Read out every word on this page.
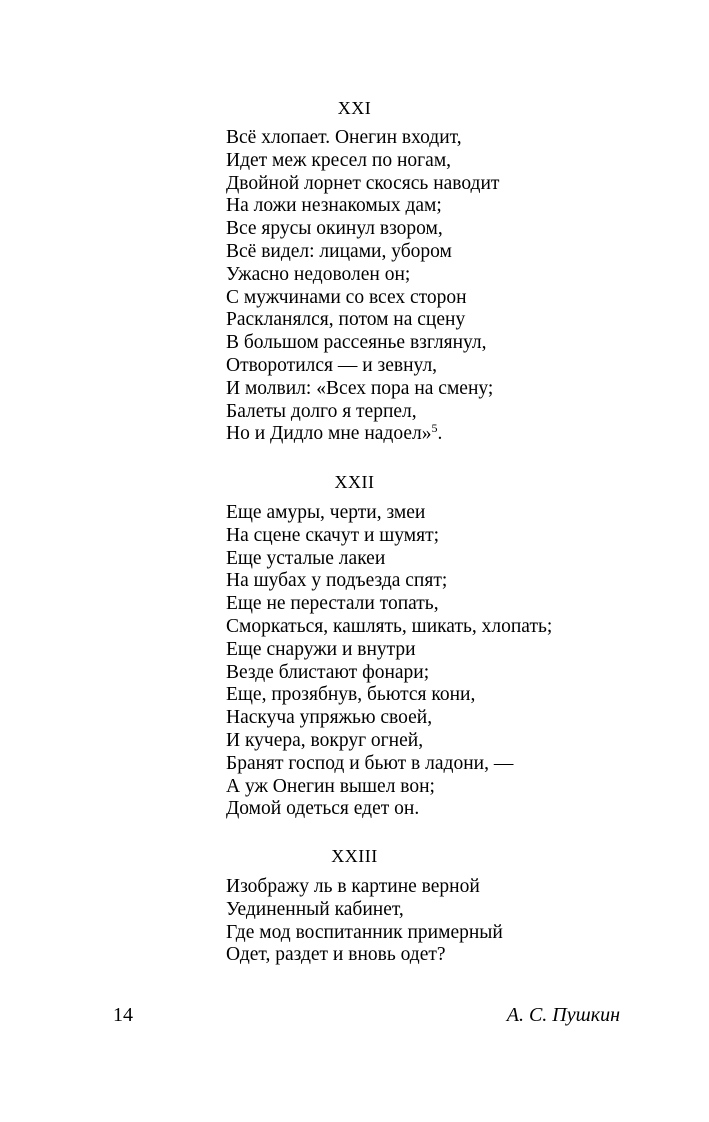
XXI
Всё хлопает. Онегин входит,
Идет меж кресел по ногам,
Двойной лорнет скосясь наводит
На ложи незнакомых дам;
Все ярусы окинул взором,
Всё видел: лицами, убором
Ужасно недоволен он;
С мужчинами со всех сторон
Раскланялся, потом на сцену
В большом рассеянье взглянул,
Отворотился — и зевнул,
И молвил: «Всех пора на смену;
Балеты долго я терпел,
Но и Дидло мне надоел»$^5$.
XXII
Еще амуры, черти, змеи
На сцене скачут и шумят;
Еще усталые лакеи
На шубах у подъезда спят;
Еще не перестали топать,
Сморкаться, кашлять, шикать, хлопать;
Еще снаружи и внутри
Везде блистают фонари;
Еще, прозябнув, бьются кони,
Наскуча упряжью своей,
И кучера, вокруг огней,
Бранят господ и бьют в ладони, —
А уж Онегин вышел вон;
Домой одеться едет он.
XXIII
Изображу ль в картине верной
Уединенный кабинет,
Где мод воспитанник примерный
Одет, раздет и вновь одет?
14	А. С. Пушкин
